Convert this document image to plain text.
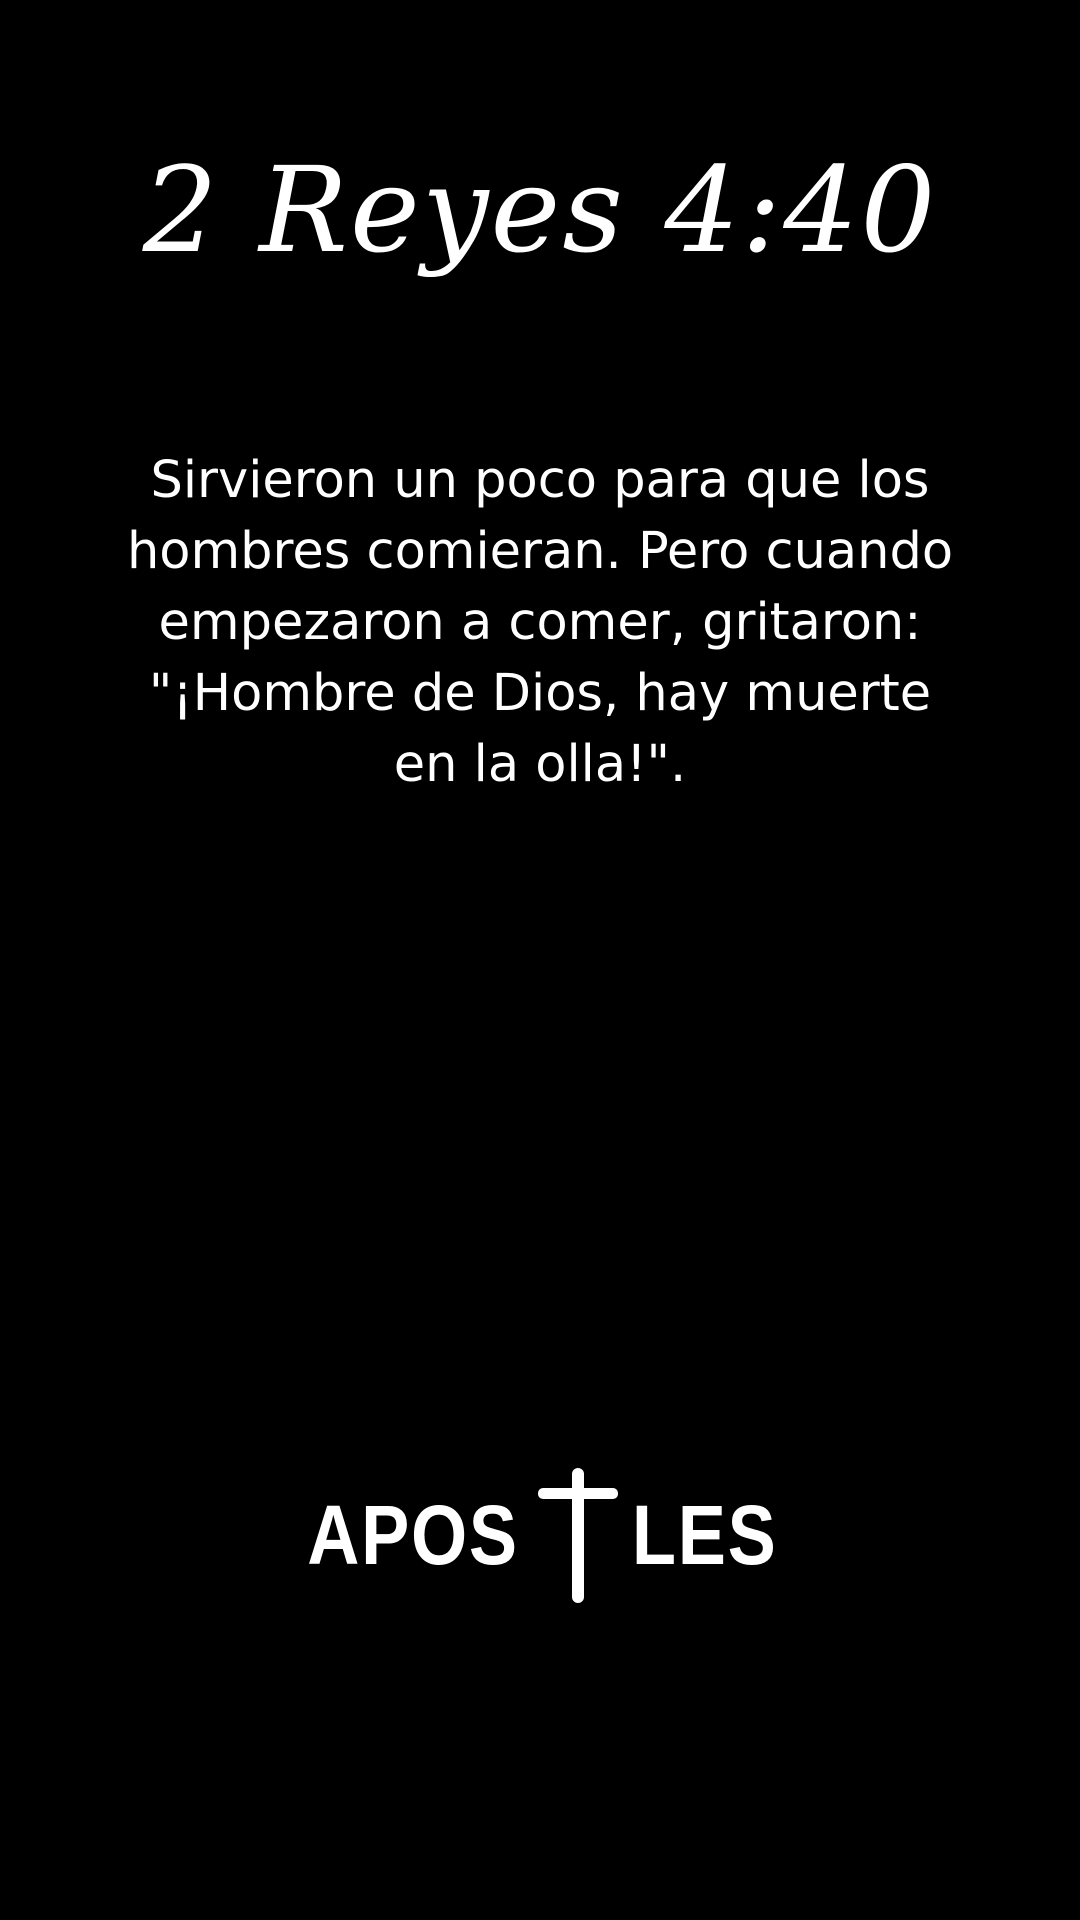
2 Reyes 4:40

Sirvieron un poco para que los hombres comieran. Pero cuando empezaron a comer, gritaron: "¡Hombre de Dios, hay muerte en la olla!".

APOS LES
